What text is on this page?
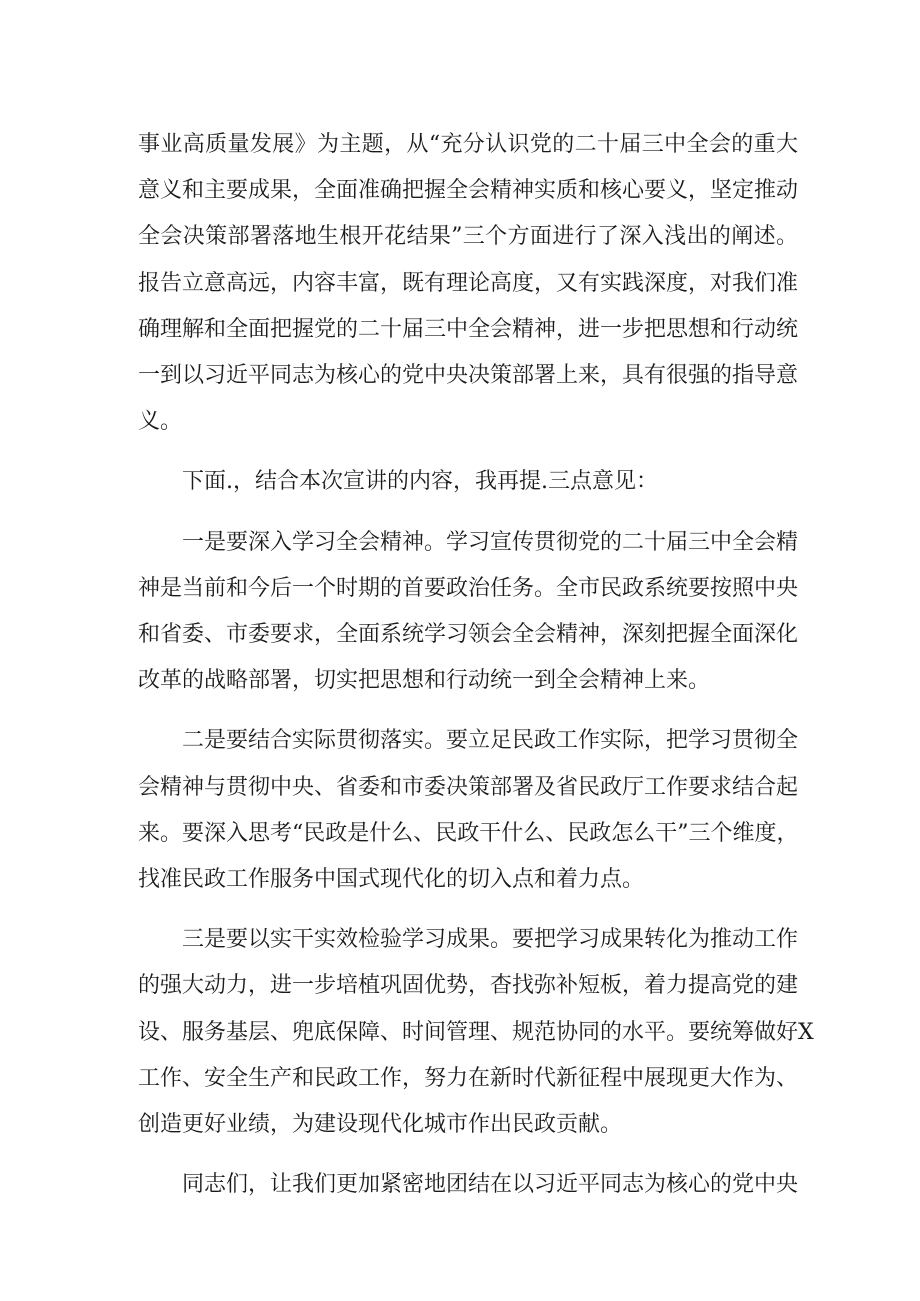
事业高质量发展》为主题，从“充分认识党的二十届三中全会的重大
意义和主要成果，全面准确把握全会精神实质和核心要义，坚定推动
全会决策部署落地生根开花结果”三个方面进行了深入浅出的阐述。
报告立意高远，内容丰富，既有理论高度，又有实践深度，对我们准
确理解和全面把握党的二十届三中全会精神，进一步把思想和行动统
一到以习近平同志为核心的党中央决策部署上来，具有很强的指导意
义。

下面.，结合本次宣讲的内容，我再提.三点意见：

一是要深入学习全会精神。学习宣传贯彻党的二十届三中全会精
神是当前和今后一个时期的首要政治任务。全市民政系统要按照中央
和省委、市委要求，全面系统学习领会全会精神，深刻把握全面深化
改革的战略部署，切实把思想和行动统一到全会精神上来。

二是要结合实际贯彻落实。要立足民政工作实际，把学习贯彻全
会精神与贯彻中央、省委和市委决策部署及省民政厅工作要求结合起
来。要深入思考“民政是什么、民政干什么、民政怎么干”三个维度，
找准民政工作服务中国式现代化的切入点和着力点。

三是要以实干实效检验学习成果。要把学习成果转化为推动工作
的强大动力，进一步培植巩固优势，杳找弥补短板，着力提高党的建
设、服务基层、兜底保障、时间管理、规范协同的水平。要统筹做好X
工作、安全生产和民政工作，努力在新时代新征程中展现更大作为、
创造更好业绩，为建设现代化城市作出民政贡献。

同志们，让我们更加紧密地团结在以习近平同志为核心的党中央
